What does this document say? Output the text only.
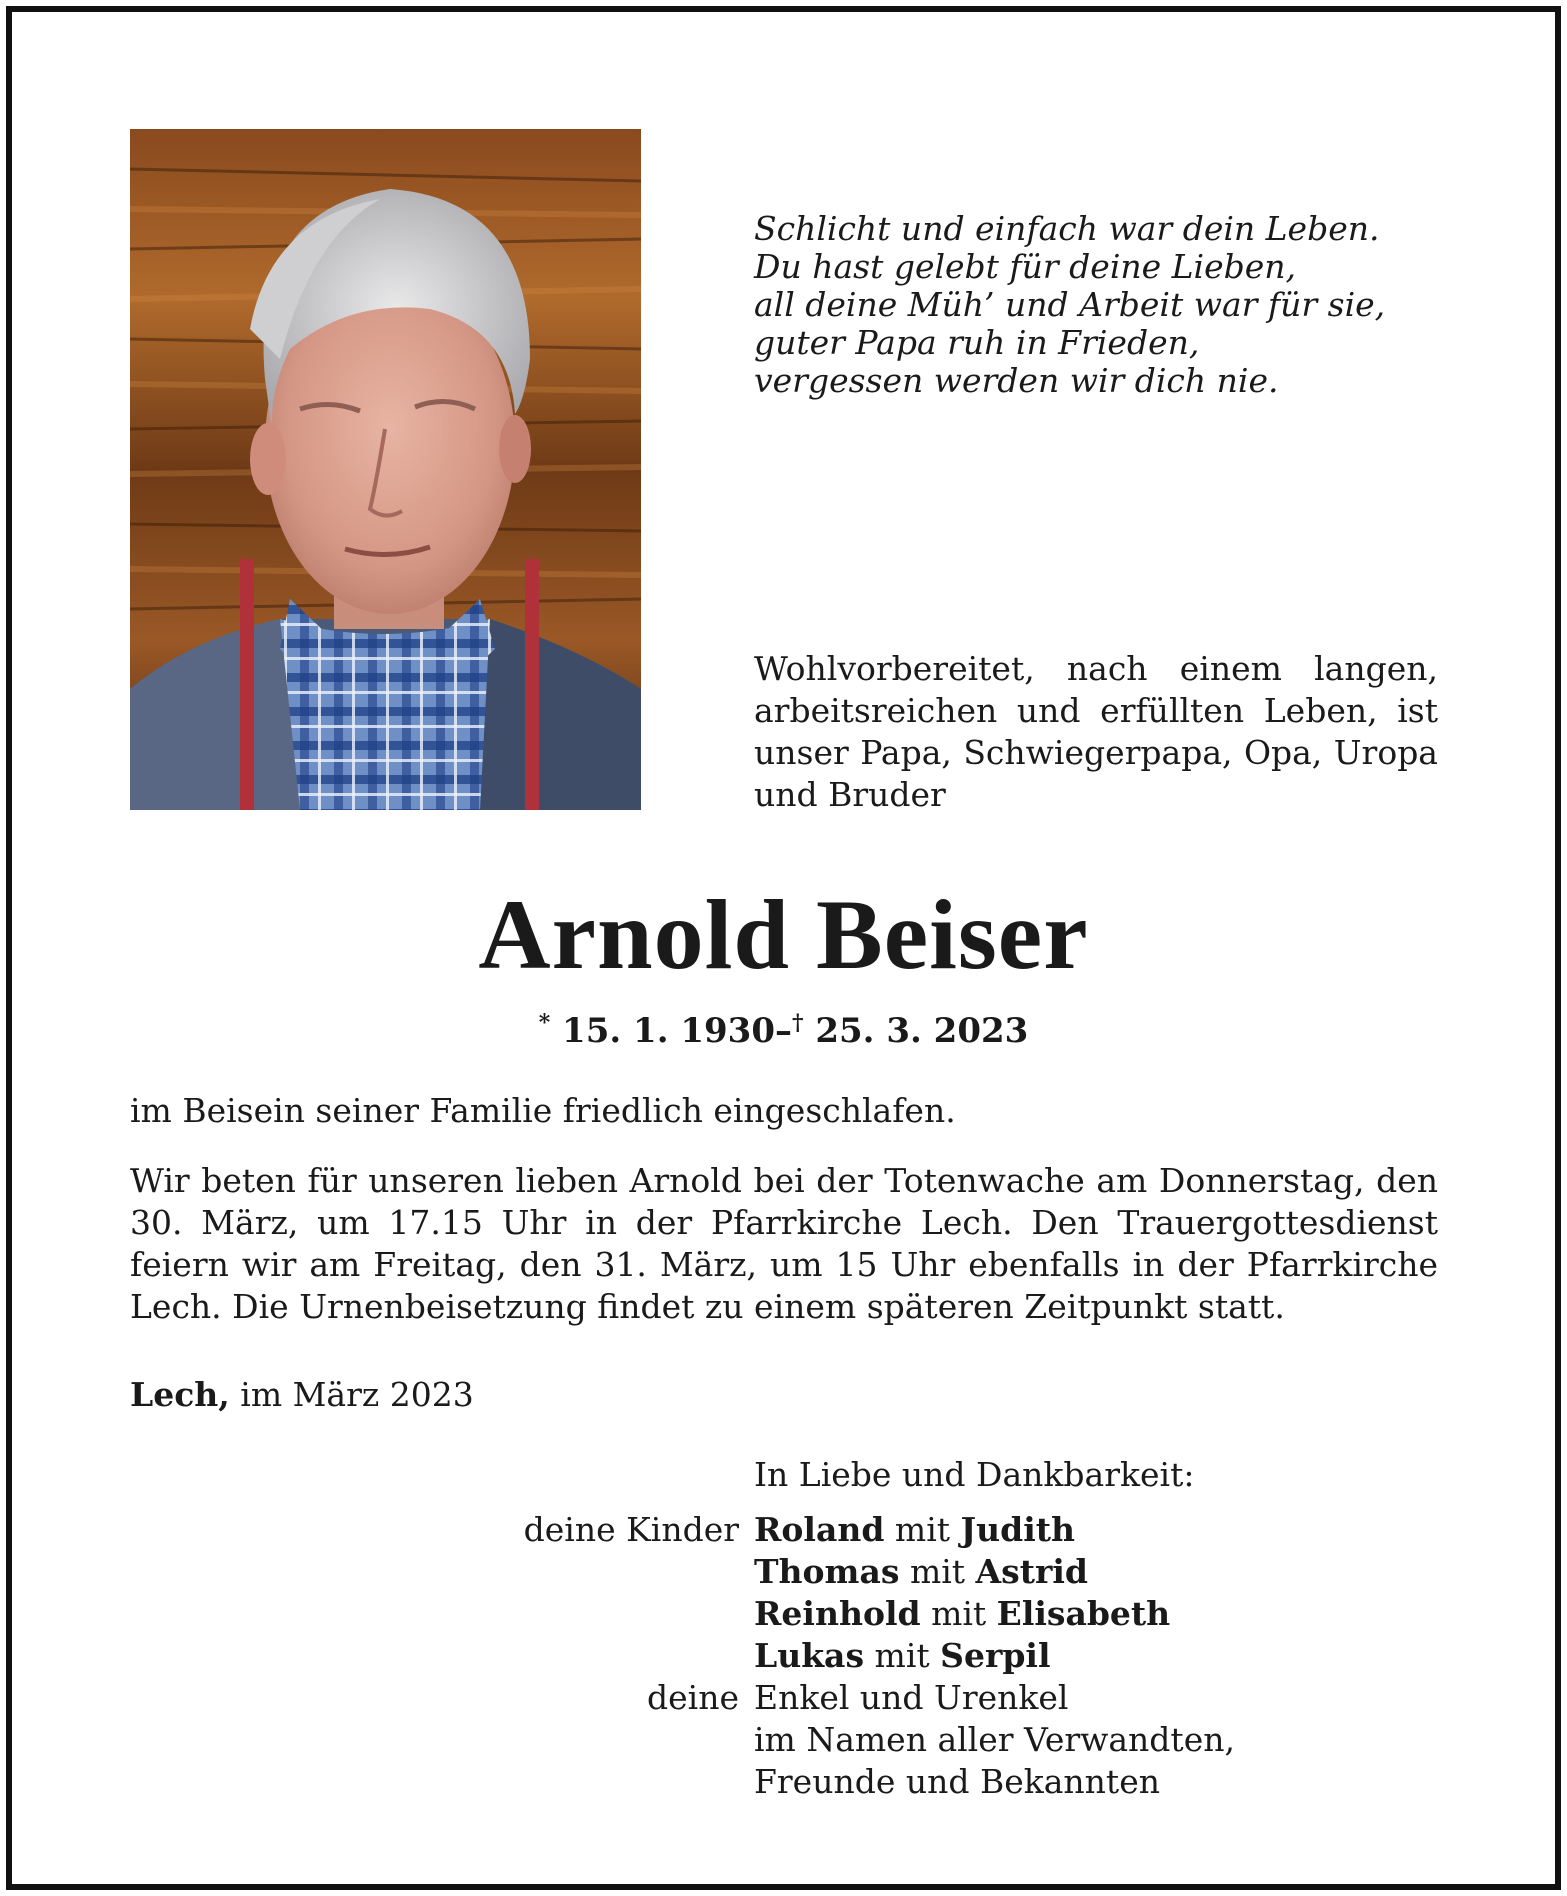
Schlicht und einfach war dein Leben.
Du hast gelebt für deine Lieben,
all deine Müh’ und Arbeit war für sie,
guter Papa ruh in Frieden,
vergessen werden wir dich nie.

Wohlvorbereitet, nach einem langen, arbeitsreichen und erfüllten Leben, ist unser Papa, Schwiegerpapa, Opa, Uropa und Bruder

Arnold Beiser
* 15. 1. 1930–† 25. 3. 2023

im Beisein seiner Familie friedlich eingeschlafen.

Wir beten für unseren lieben Arnold bei der Totenwache am Donnerstag, den 30. März, um 17.15 Uhr in der Pfarrkirche Lech. Den Trauergottesdienst feiern wir am Freitag, den 31. März, um 15 Uhr ebenfalls in der Pfarrkirche Lech. Die Urnenbeisetzung findet zu einem späteren Zeitpunkt statt.

Lech, im März 2023
In Liebe und Dankbarkeit:
deine Kinder Roland mit Judith
Thomas mit Astrid
Reinhold mit Elisabeth
Lukas mit Serpil
deine Enkel und Urenkel
im Namen aller Verwandten,
Freunde und Bekannten
